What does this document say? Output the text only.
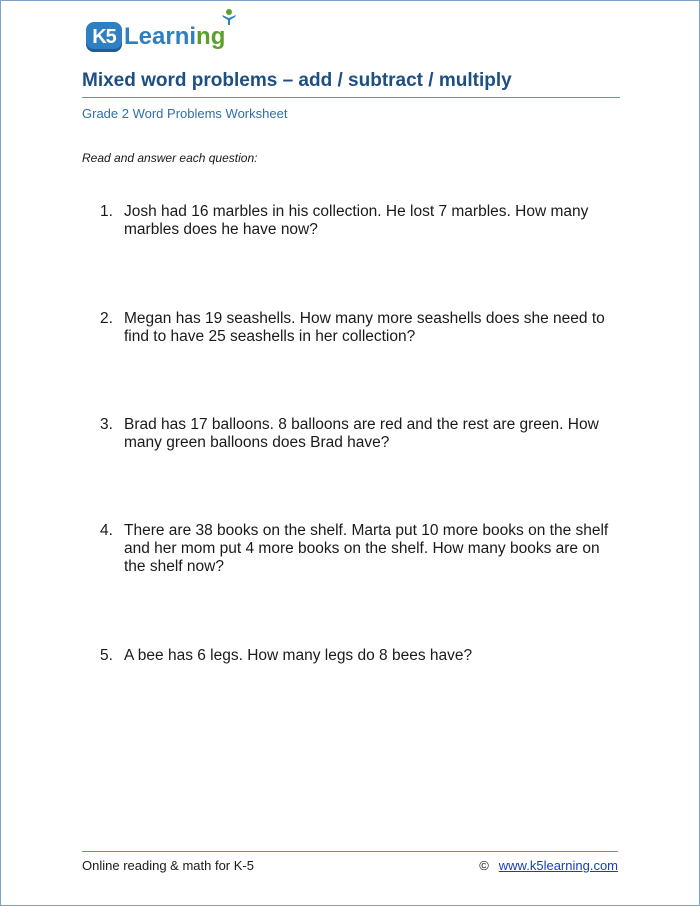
K5 Learning
Mixed word problems – add / subtract / multiply
Grade 2 Word Problems Worksheet
Read and answer each question:
1. Josh had 16 marbles in his collection. He lost 7 marbles. How many marbles does he have now?
2. Megan has 19 seashells. How many more seashells does she need to find to have 25 seashells in her collection?
3. Brad has 17 balloons. 8 balloons are red and the rest are green. How many green balloons does Brad have?
4. There are 38 books on the shelf. Marta put 10 more books on the shelf and her mom put 4 more books on the shelf. How many books are on the shelf now?
5. A bee has 6 legs. How many legs do 8 bees have?
Online reading & math for K-5	© www.k5learning.com
